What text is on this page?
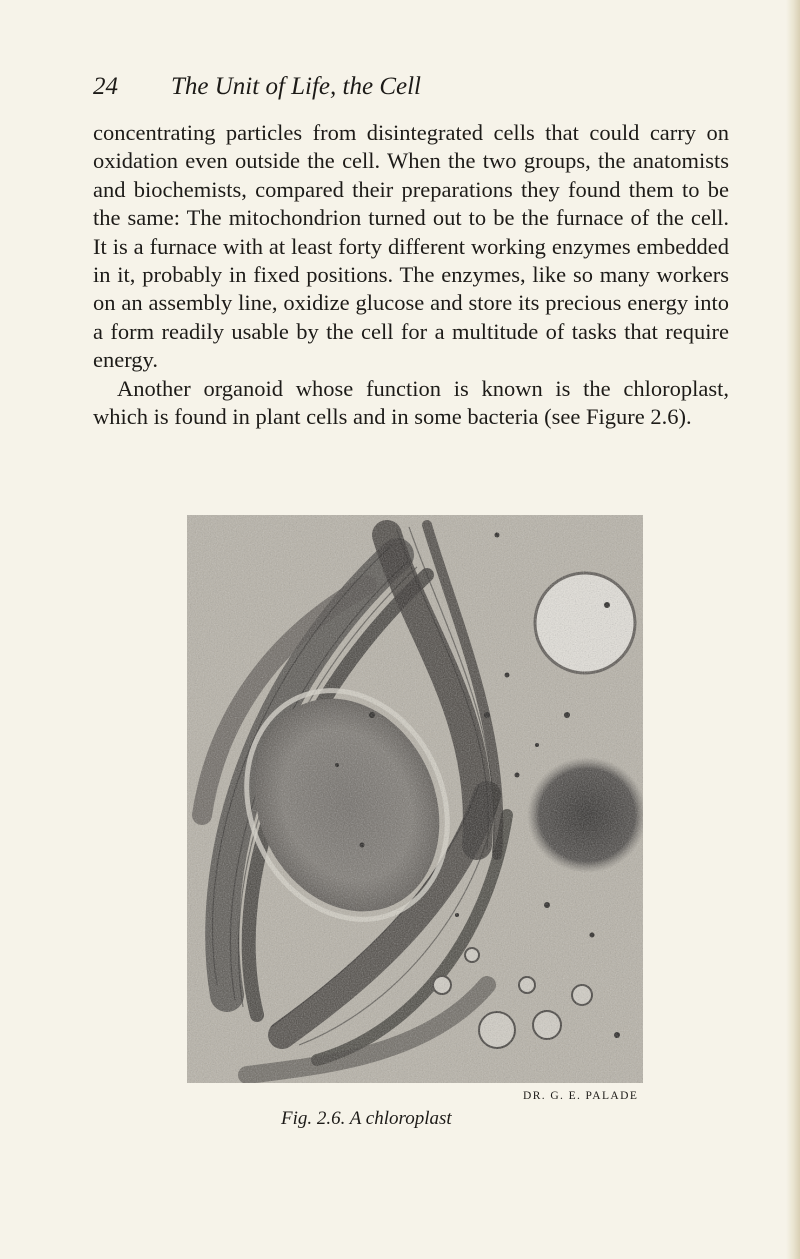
24 The Unit of Life, the Cell

concentrating particles from disintegrated cells that could carry on oxidation even outside the cell. When the two groups, the anatomists and biochemists, compared their preparations they found them to be the same: The mitochondrion turned out to be the furnace of the cell. It is a furnace with at least forty different working enzymes embedded in it, probably in fixed positions. The enzymes, like so many workers on an assembly line, oxidize glucose and store its precious energy into a form readily usable by the cell for a multitude of tasks that require energy.

Another organoid whose function is known is the chloroplast, which is found in plant cells and in some bacteria (see Figure 2.6).

DR. G. E. PALADE
Fig. 2.6. A chloroplast
